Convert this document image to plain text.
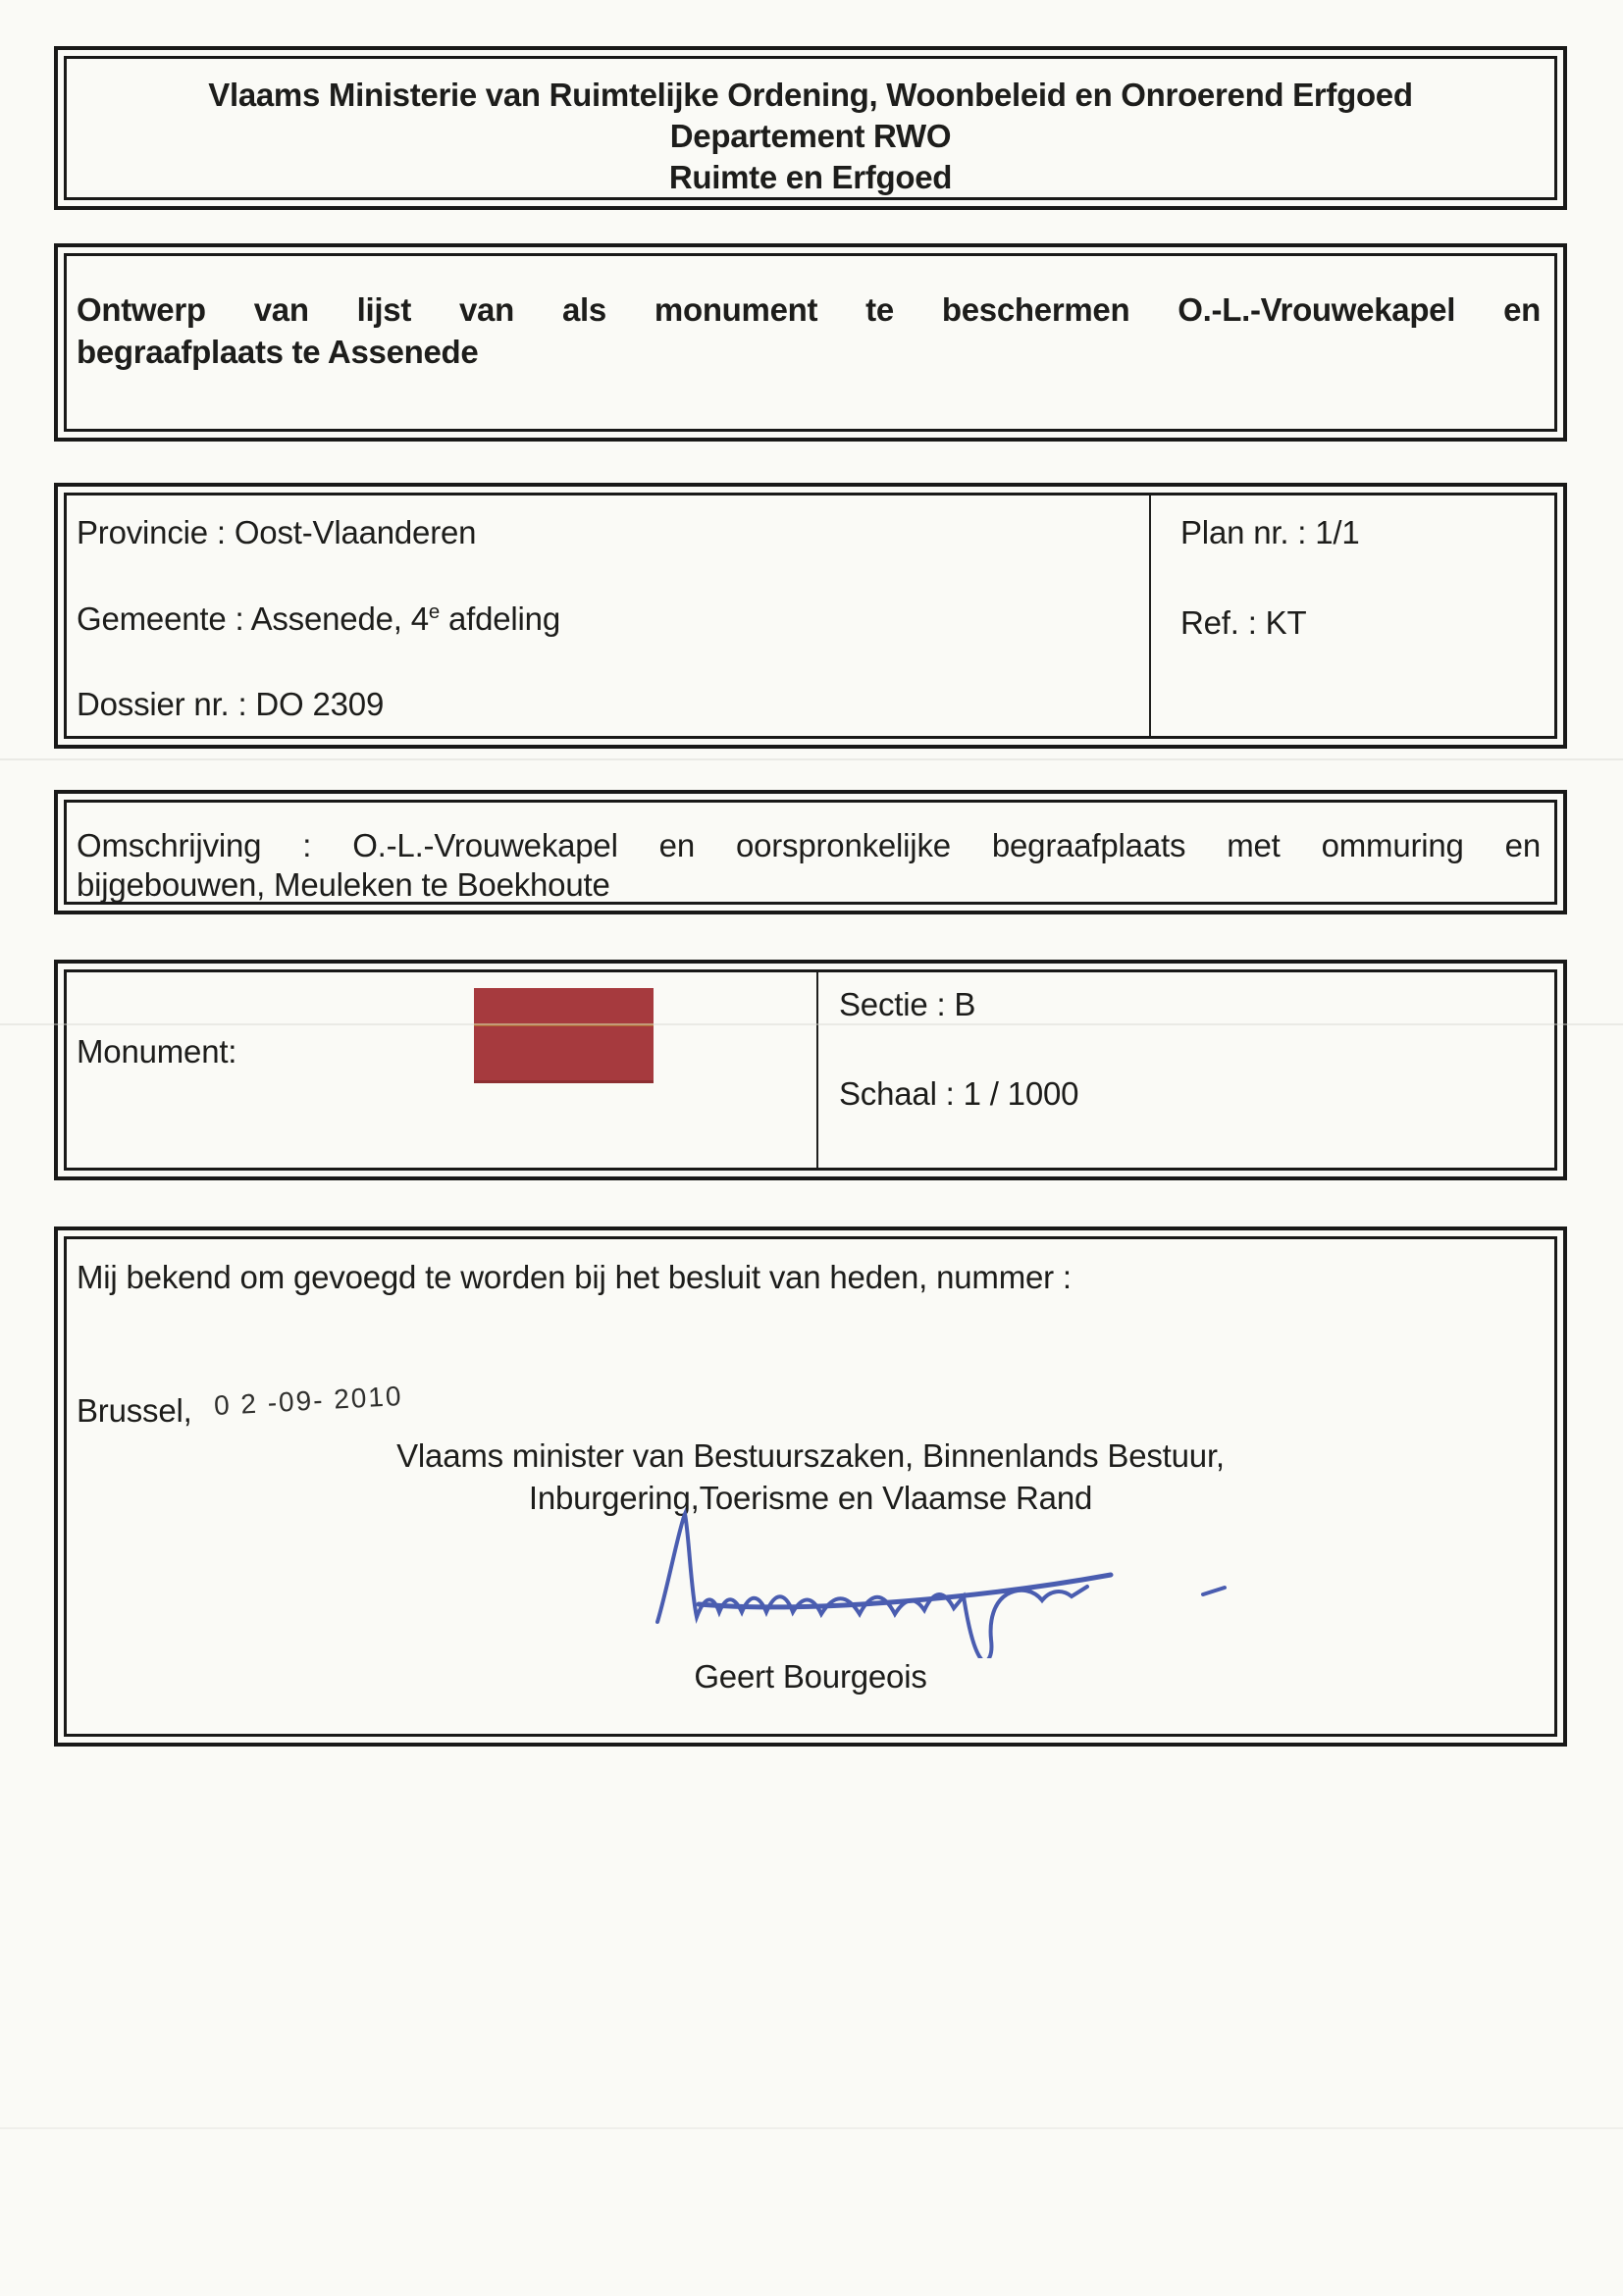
Vlaams Ministerie van Ruimtelijke Ordening, Woonbeleid en Onroerend Erfgoed
Departement RWO
Ruimte en Erfgoed
Ontwerp van lijst van als monument te beschermen O.-L.-Vrouwekapel en
begraafplaats te Assenede
Provincie : Oost-Vlaanderen
Gemeente : Assenede, 4e afdeling
Dossier nr. : DO 2309
Plan nr. : 1/1
Ref. : KT
Omschrijving : O.-L.-Vrouwekapel en oorspronkelijke begraafplaats met ommuring en
bijgebouwen, Meuleken te Boekhoute
Monument:
Sectie : B
Schaal : 1 / 1000
Mij bekend om gevoegd te worden bij het besluit van heden, nummer :
Brussel, 0 2 -09- 2010
Vlaams minister van Bestuurszaken, Binnenlands Bestuur,
Inburgering,Toerisme en Vlaamse Rand
Geert Bourgeois
